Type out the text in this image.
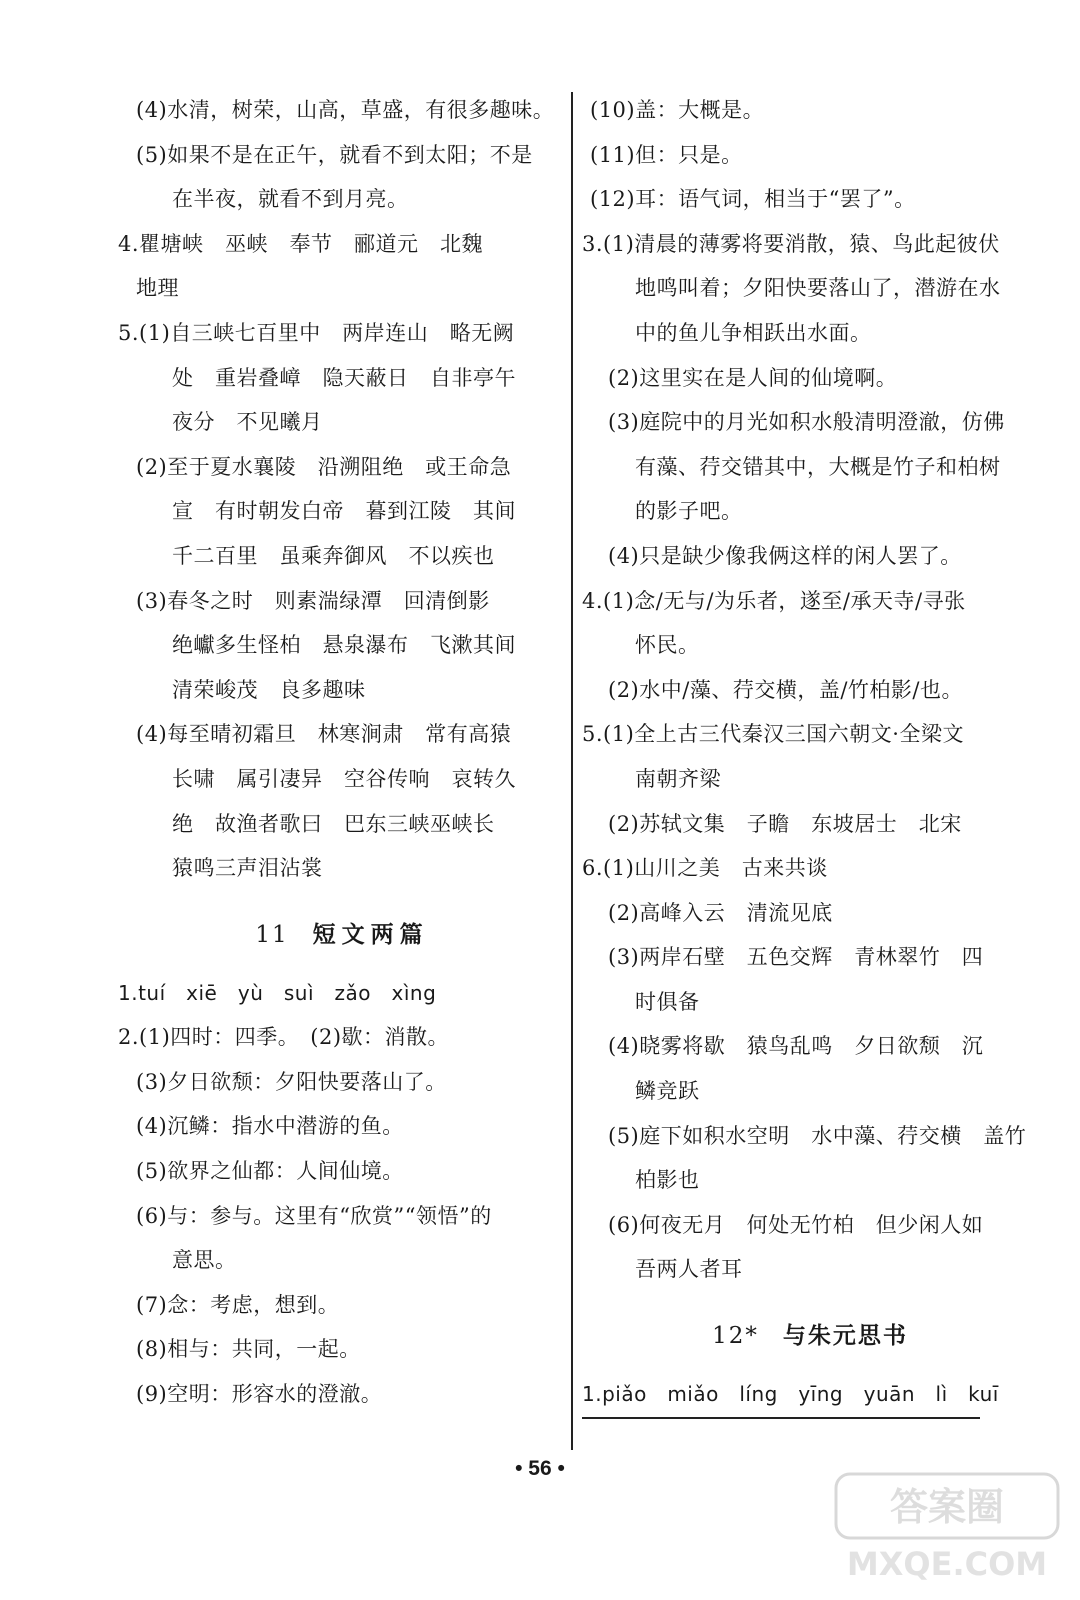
(4)水清，树荣，山高，草盛，有很多趣味。
(5)如果不是在正午，就看不到太阳；不是
在半夜，就看不到月亮。
4.瞿塘峡　巫峡　奉节　郦道元　北魏
地理
5.(1)自三峡七百里中　两岸连山　略无阙
处　重岩叠嶂　隐天蔽日　自非亭午
夜分　不见曦月
(2)至于夏水襄陵　沿溯阻绝　或王命急
宣　有时朝发白帝　暮到江陵　其间
千二百里　虽乘奔御风　不以疾也
(3)春冬之时　则素湍绿潭　回清倒影
绝巘多生怪柏　悬泉瀑布　飞漱其间
清荣峻茂　良多趣味
(4)每至晴初霜旦　林寒涧肃　常有高猿
长啸　属引凄异　空谷传响　哀转久
绝　故渔者歌曰　巴东三峡巫峡长
猿鸣三声泪沾裳
11 短文两篇
1.tuí　xiē　yù　suì　zǎo　xìng
2.(1)四时：四季。　(2)歇：消散。
(3)夕日欲颓：夕阳快要落山了。
(4)沉鳞：指水中潜游的鱼。
(5)欲界之仙都：人间仙境。
(6)与：参与。这里有“欣赏”“领悟”的
意思。
(7)念：考虑，想到。
(8)相与：共同，一起。
(9)空明：形容水的澄澈。
(10)盖：大概是。
(11)但：只是。
(12)耳：语气词，相当于“罢了”。
3.(1)清晨的薄雾将要消散，猿、鸟此起彼伏
地鸣叫着；夕阳快要落山了，潜游在水
中的鱼儿争相跃出水面。
(2)这里实在是人间的仙境啊。
(3)庭院中的月光如积水般清明澄澈，仿佛
有藻、荇交错其中，大概是竹子和柏树
的影子吧。
(4)只是缺少像我俩这样的闲人罢了。
4.(1)念/无与/为乐者，遂至/承天寺/寻张
怀民。
(2)水中/藻、荇交横，盖/竹柏影/也。
5.(1)全上古三代秦汉三国六朝文·全梁文
南朝齐梁
(2)苏轼文集　子瞻　东坡居士　北宋
6.(1)山川之美　古来共谈
(2)高峰入云　清流见底
(3)两岸石壁　五色交辉　青林翠竹　四
时俱备
(4)晓雾将歇　猿鸟乱鸣　夕日欲颓　沉
鳞竞跃
(5)庭下如积水空明　水中藻、荇交横　盖竹
柏影也
(6)何夜无月　何处无竹柏　但少闲人如
吾两人者耳
12* 与朱元思书
1.piǎo　miǎo　líng　yīng　yuān　lì　kuī
• 56 •
答案圈
MXQE.COM
